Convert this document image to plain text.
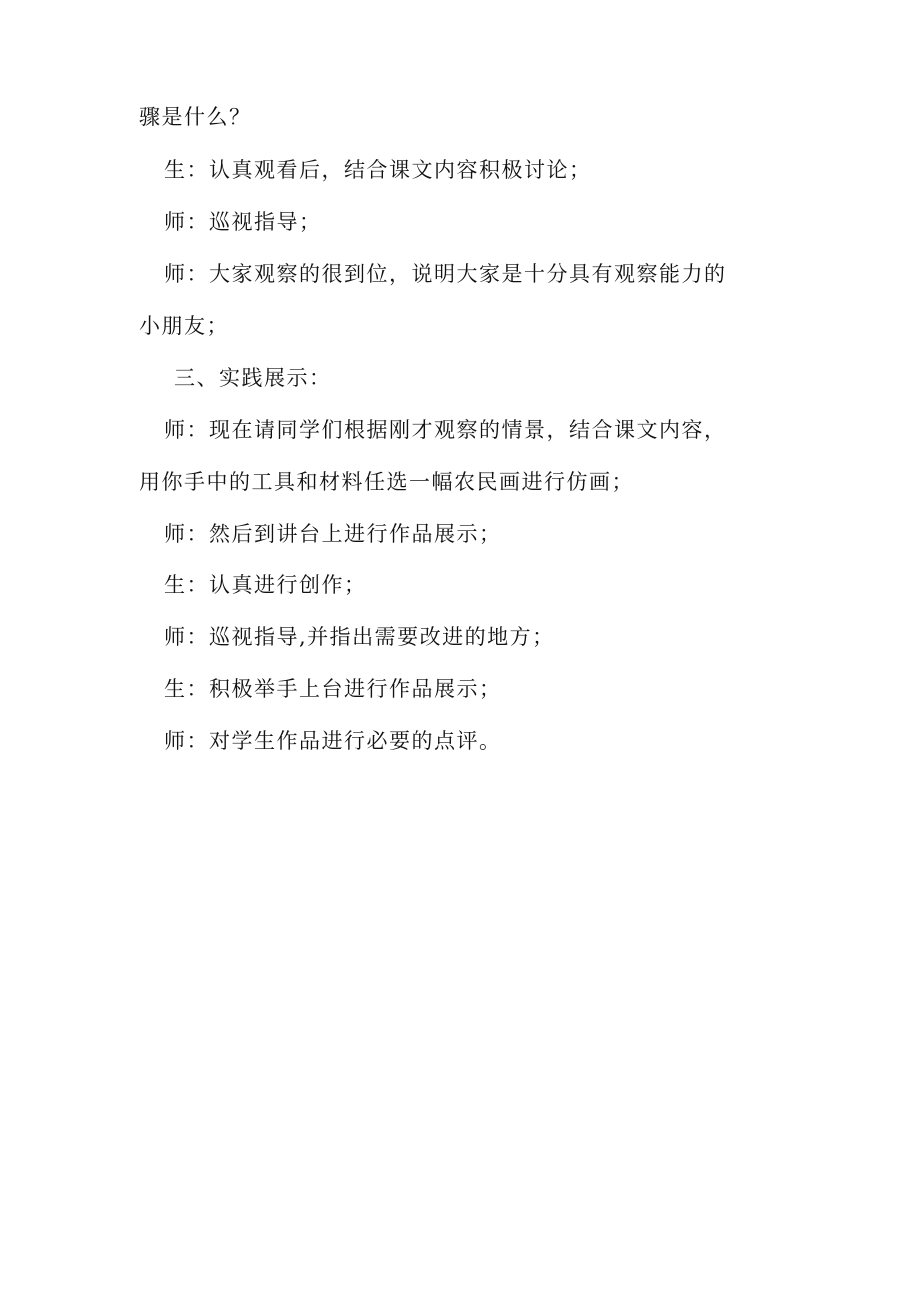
骤是什么？
生：认真观看后，结合课文内容积极讨论；
师：巡视指导；
师：大家观察的很到位，说明大家是十分具有观察能力的
小朋友；
三、实践展示：
师：现在请同学们根据刚才观察的情景，结合课文内容，
用你手中的工具和材料任选一幅农民画进行仿画；
师：然后到讲台上进行作品展示；
生：认真进行创作；
师：巡视指导,并指出需要改进的地方；
生：积极举手上台进行作品展示；
师：对学生作品进行必要的点评。
